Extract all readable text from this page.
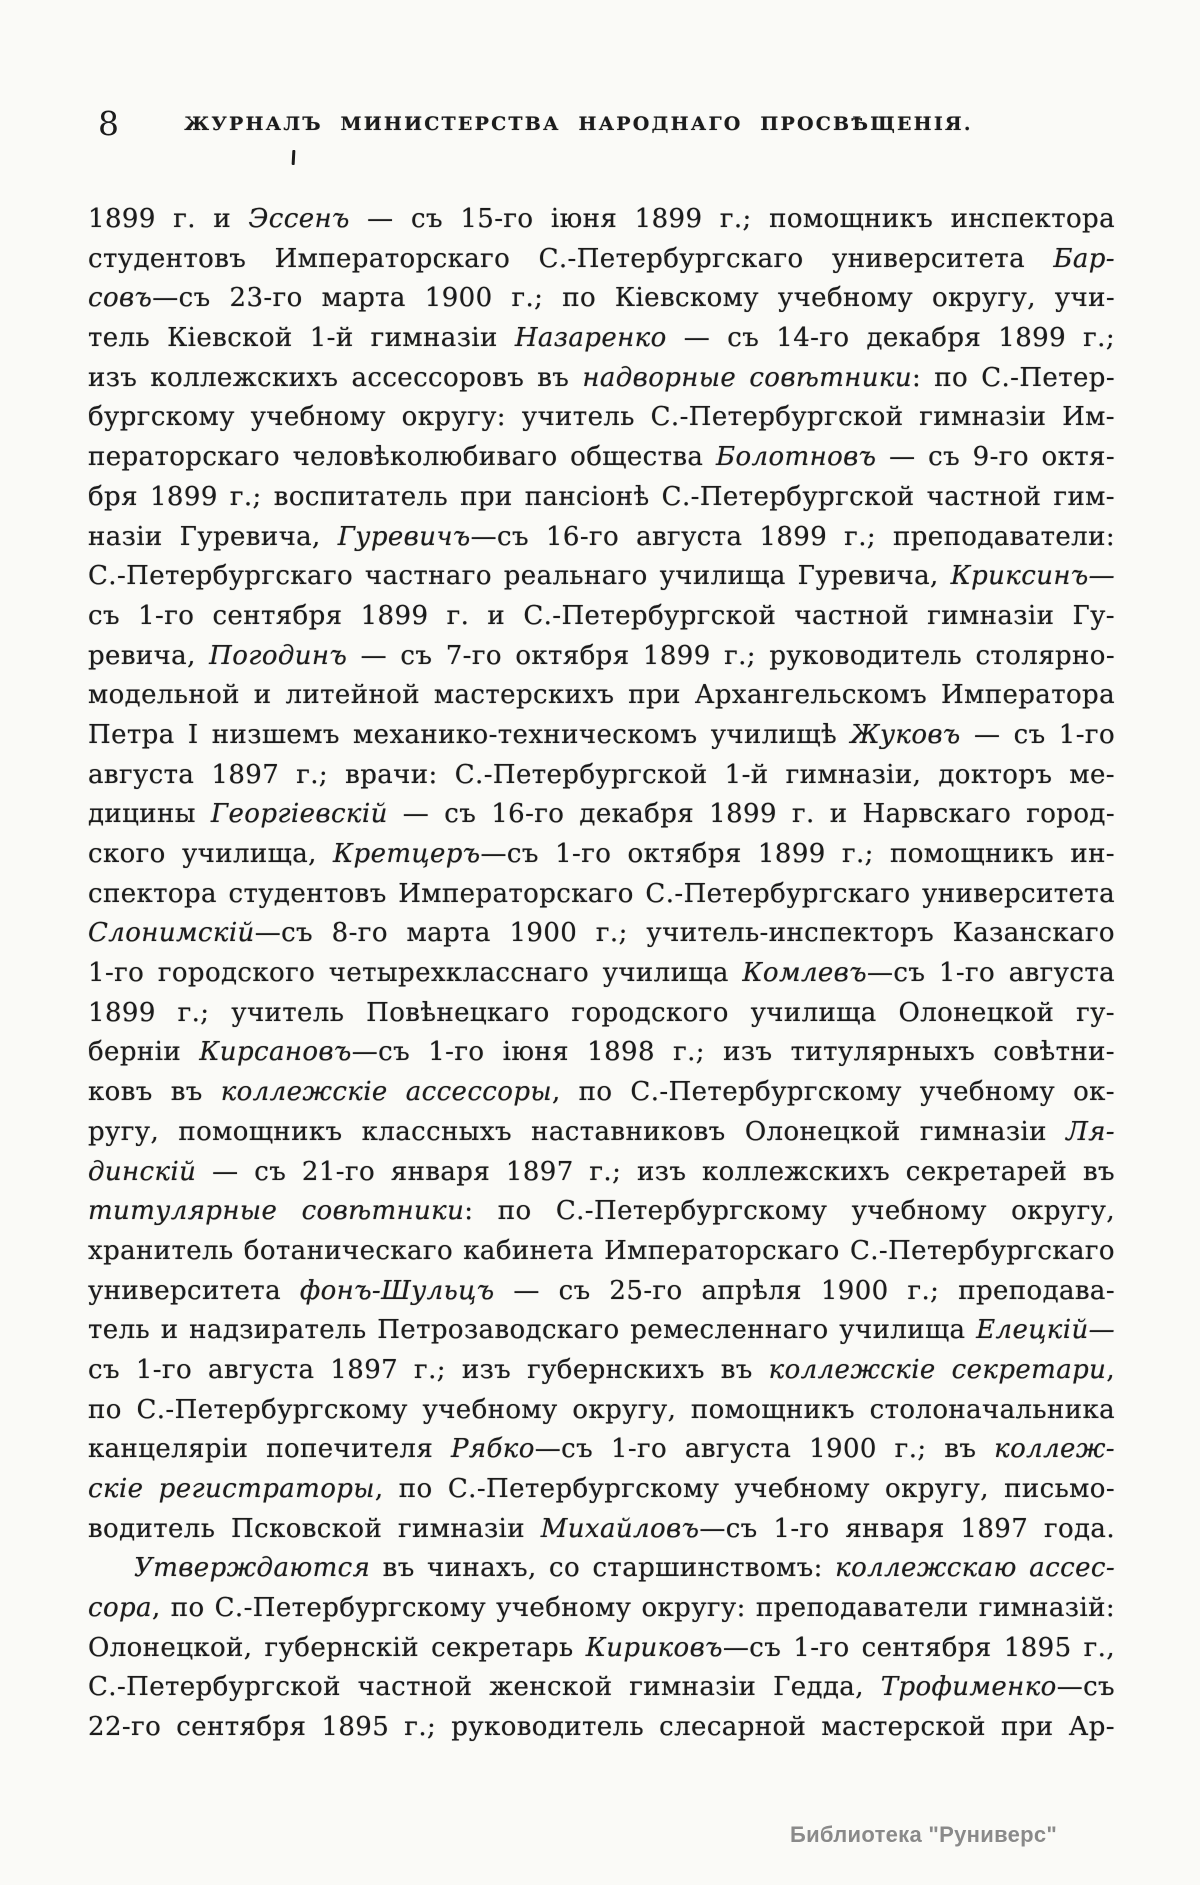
8	ЖУРНАЛЪ МИНИСТЕРСТВА НАРОДНАГО ПРОСВѢЩЕНІЯ.
1899 г. и Эссенъ — съ 15-го іюня 1899 г.; помощникъ инспектора
студентовъ Императорскаго С.-Петербургскаго университета Бар-
совъ—съ 23-го марта 1900 г.; по Кіевскому учебному округу, учи-
тель Кіевской 1-й гимназіи Назаренко — съ 14-го декабря 1899 г.;
изъ коллежскихъ ассессоровъ въ надворные совѣтники: по С.-Петер-
бургскому учебному округу: учитель С.-Петербургской гимназіи Им-
ператорскаго человѣколюбиваго общества Болотновъ — съ 9-го октя-
бря 1899 г.; воспитатель при пансіонѣ С.-Петербургской частной гим-
назіи Гуревича, Гуревичъ—съ 16-го августа 1899 г.; преподаватели:
С.-Петербургскаго частнаго реальнаго училища Гуревича, Криксинъ—
съ 1-го сентября 1899 г. и С.-Петербургской частной гимназіи Гу-
ревича, Погодинъ — съ 7-го октября 1899 г.; руководитель столярно-
модельной и литейной мастерскихъ при Архангельскомъ Императора
Петра I низшемъ механико-техническомъ училищѣ Жуковъ — съ 1-го
августа 1897 г.; врачи: С.-Петербургской 1-й гимназіи, докторъ ме-
дицины Георгіевскій — съ 16-го декабря 1899 г. и Нарвскаго город-
ского училища, Кретцеръ—съ 1-го октября 1899 г.; помощникъ ин-
спектора студентовъ Императорскаго С.-Петербургскаго университета
Слонимскій—съ 8-го марта 1900 г.; учитель-инспекторъ Казанскаго
1-го городского четырехкласснаго училища Комлевъ—съ 1-го августа
1899 г.; учитель Повѣнецкаго городского училища Олонецкой гу-
берніи Кирсановъ—съ 1-го іюня 1898 г.; изъ титулярныхъ совѣтни-
ковъ въ коллежскіе ассессоры, по С.-Петербургскому учебному ок-
ругу, помощникъ классныхъ наставниковъ Олонецкой гимназіи Ля-
динскій — съ 21-го января 1897 г.; изъ коллежскихъ секретарей въ
титулярные совѣтники: по С.-Петербургскому учебному округу,
хранитель ботаническаго кабинета Императорскаго С.-Петербургскаго
университета фонъ-Шульцъ — съ 25-го апрѣля 1900 г.; преподава-
тель и надзиратель Петрозаводскаго ремесленнаго училища Елецкій—
съ 1-го августа 1897 г.; изъ губернскихъ въ коллежскіе секретари,
по С.-Петербургскому учебному округу, помощникъ столоначальника
канцеляріи попечителя Рябко—съ 1-го августа 1900 г.; въ коллеж-
скіе регистраторы, по С.-Петербургскому учебному округу, письмо-
водитель Псковской гимназіи Михайловъ—съ 1-го января 1897 года.
Утверждаются въ чинахъ, со старшинствомъ: коллежскаю ассес-
сора, по С.-Петербургскому учебному округу: преподаватели гимназій:
Олонецкой, губернскій секретарь Кириковъ—съ 1-го сентября 1895 г.,
С.-Петербургской частной женской гимназіи Гедда, Трофименко—съ
22-го сентября 1895 г.; руководитель слесарной мастерской при Ар-
Библиотека "Руниверс"
